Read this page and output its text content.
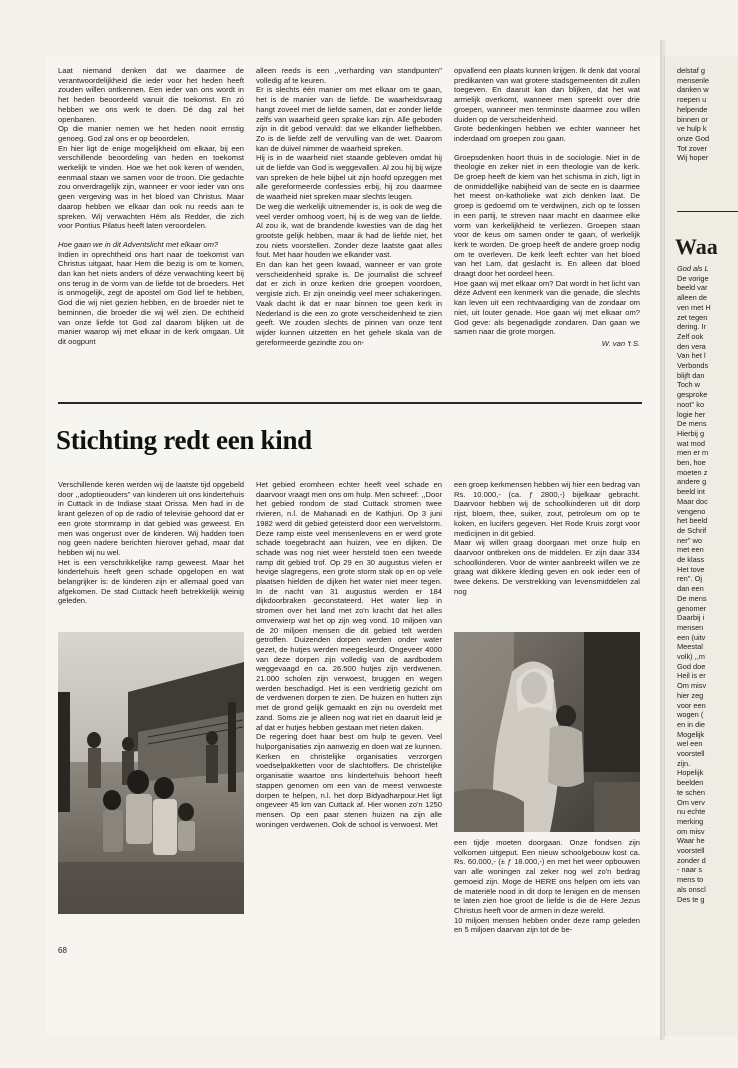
Laat niemand denken dat we daarmee de verantwoordelijkheid die ieder voor het heden heeft zouden willen ontkennen. Een ieder van ons wordt in het heden beoordeeld vanuit die toekomst. En zó hebben we ons werk te doen. Dé dag zal het openbaren.

Op die manier nemen we het heden nooit ernstig genoeg. God zal ons er op beoordelen.

En hier ligt de enige mogelijkheid om elkaar, bij een verschillende beoordeling van heden en toekomst werkelijk te vinden. Hoe we het ook keren of wenden, eenmaal staan we samen voor de troon. Die gedachte zou onverdragelijk zijn, wanneer er voor ieder van ons geen vergeving was in het bloed van Christus. Maar daarop hebben we elkaar dan ook nu reeds aan te spreken. Wij verwachten Hém als Redder, die zich voor Pontius Pilatus heeft laten veroordelen.

Hoe gaan we in dit Adventslicht met elkaar om?

Indien in oprechtheid ons hart naar de toekomst van Christus uitgaat, haar Hem die bezig is om te komen, dan kan het niets anders of déze verwachting keert bij ons terug in de vorm van de liefde tot de broeders. Het is onmogelijk, zegt de apostel om God lief te hebben, God die wij niet gezien hebben, en de broeder niet te beminnen, die broeder die wij wél zien. De echtheid van onze liefde tot God zal daarom blijken uit de manier waarop wij met elkaar in de kerk omgaan. Uit dit oogpunt

alleen reeds is een ,,verharding van standpunten'' volledig af te keuren.

Er is slechts één manier om met elkaar om te gaan, het is de manier van de liefde. De waarheidsvraag hangt zoveel met de liefde samen, dat er zonder liefde zelfs van waarheid geen sprake kan zijn. Alle geboden zijn in dit gebod vervuld: dat we elkander liefhebben. Zo is de liefde zelf de vervulling van de wet. Daarom kan de duivel nimmer de waarheid spreken.

Hij is in de waarheid niet staande gebleven omdat hij uit de liefde van God is weggevallen. Al zou hij bij wijze van spreken de hele bijbel uit zijn hoofd opzeggen met alle gereformeerde confessies erbij, hij zou daarmee de waarheid niet spreken maar slechts leugen.

De weg die werkelijk uitnemender is, is ook de weg die veel verder omhoog voert, hij is de weg van de liefde. Al zou ik, wat de brandende kwesties van de dag het grootste gelijk hebben, maar ik had de liefde niet, het zou niets voorstellen. Zonder deze laatste gaat alles fout. Met haar houden we elkander vast.

En dan kan het geen kwaad, wanneer er van grote verscheidenheid sprake is. De journalist die schreef dat er zich in onze kerken drie groepen voordoen, vergiste zich. Er zijn oneindig veel meer schakeringen. Vaak dacht ik dat er naar binnen toe geen kerk in Nederland is die een zo grote verscheidenheid te zien geeft. We zouden slechts de pinnen van onze tent wijder kunnen uitzetten en het gehele skala van de gereformeerde gezindte zou on-

opvallend een plaats kunnen krijgen. Ik denk dat vooral predikanten van wat grotere stadsgemeenten dit zullen toegeven. En daaruit kan dan blijken, dat het wat armelijk overkomt, wanneer men spreekt over drie groepen, wanneer men tenminste daarmee zou willen duiden op de verscheidenheid.

Grote bedenkingen hebben we echter wanneer het inderdaad om groepen zou gaan.

Groepsdenken hoort thuis in de sociologie. Niet in de theologie en zeker niet in een theologie van de kerk. De groep heeft de kiem van het schisma in zich, ligt in de onmiddellijke nabijheid van de secte en is daarmee het meest on-katholieke wat zich denken laat. De groep is gedoemd om te verdwijnen, zich op te lossen in een partij, te streven naar macht en daarmee elke vorm van kerkelijkheid te verliezen. Groepen staan voor de keus om samen onder te gaan, of werkelijk kerk te worden. De groep heeft de andere groep nodig om te overleven. De kerk leeft echter van het bloed van het Lam, dat geslacht is. En alleen dat bloed draagt door het oordeel heen.

Hoe gaan wij met elkaar om? Dat wordt in het licht van déze Advent een kenmerk van die genade, die slechts kan leven uit een rechtvaardiging van de zondaar om niet, uit louter genade. Hoe gaan wij met elkaar om? God geve: als begenadigde zondaren. Dan gaan we samen naar die grote morgen.

W. van 't S.
Stichting redt een kind

Verschillende keren werden wij de laatste tijd opgebeld door ,,adoptieouders'' van kinderen uit ons kindertehuis in Cuttack in de Indiase staat Orissa. Men had in de krant gelezen of op de radio of televisie gehoord dat er een grote stormramp in dat gebied was geweest. En men was ongerust over de kinderen. Wij hadden toen nog geen nadere berichten hierover gehad, maar dat hebben wij nu wel.

Het is een verschrikkelijke ramp geweest. Maar het kindertehuis heeft geen schade opgelopen en wat belangrijker is: de kinderen zijn er allemaal goed van afgekomen. De stad Cuttack heeft betrekkelijk weinig geleden.

Het gebied eromheen echter heeft veel schade en daarvoor vraagt men ons om hulp. Men schreef: ,,Door het gebied rondom de stad Cuttack stromen twee rivieren, n.l. de Mahanadi en de Kathjuri. Op 3 juni 1982 werd dit gebied geteisterd door een wervelstorm. Deze ramp eiste veel mensenlevens en er werd grote schade toegebracht aan huizen, vee en dijken. De schade was nog niet weer hersteld toen een tweede ramp dit gebied trof. Op 29 en 30 augustus vielen er hevige slagregens, een grote storm stak op en op vele plaatsen hielden de dijken het water niet meer tegen. In de nacht van 31 augustus werden er 184 dijkdoorbraken geconstateerd. Het water liep in stromen over het land met zo'n kracht dat het alles omverwierp wat het op zijn weg vond. 10 miljoen van de 20 miljoen mensen die dit gebied telt werden getroffen. Duizenden dorpen werden onder water gezet, de hutjes werden meegesleurd. Ongeveer 4000 van deze dorpen zijn volledig van de aardbodem weggevaagd en ca. 26.500 hutjes zijn verdwenen. 21.000 scholen zijn verwoest, bruggen en wegen werden beschadigd. Het is een verdrietig gezicht om de verdwenen dorpen te zien. De huizen en hutten zijn met de grond gelijk gemaakt en zijn nu overdekt met zand. Soms zie je alleen nog wat riet en daaruit leid je af dat er hutjes hebben gestaan met rieten daken.

De regering doet haar best om hulp te geven. Veel hulporganisaties zijn aanwezig en doen wat ze kunnen. Kerken en christelijke organisaties verzorgen voedselpakketten voor de slachtoffers. De christelijke organisatie waartoe ons kindertehuis behoort heeft stappen genomen om een van de meest verwoeste dorpen te helpen, n.l. het dorp Bidyadharpour.Het ligt ongeveer 45 km van Cuttack af. Hier wonen zo'n 1250 mensen. Op een paar stenen huizen na zijn alle woningen verdwenen. Ook de school is verwoest. Met

een groep kerkmensen hebben wij hier een bedrag van Rs. 10.000,- (ca. ƒ 2800,-) bijelkaar gebracht. Daarvoor hebben wij de schoolkinderen uit dit dorp rijst, bloem, thee, suiker, zout, petroleum om op te koken, en lucifers gegeven. Het Rode Kruis zorgt voor medicijnen in dit gebied.

Maar wij willen graag doorgaan met onze hulp en daarvoor ontbreken ons de middelen. Er zijn daar 334 schoolkinderen. Voor de winter aanbreekt willen we ze graag wat dikkere kleding geven en ook ieder een of twee dekens. De verstrekking van levensmiddelen zal nog

een tijdje moeten doorgaan. Onze fondsen zijn volkomen uitgeput. Een nieuw schoolgebouw kost ca. Rs. 60.000,- (± ƒ 18.000,-) en met het weer opbouwen van alle woningen zal zeker nog wel zo'n bedrag gemoeid zijn. Moge de HERE ons helpen om iets van de materiële nood in dit dorp te lenigen en de mensen te laten zien hoe groot de liefde is die de Here Jezus Christus heeft voor de armen in deze wereld.

10 miljoen mensen hebben onder deze ramp geleden en 5 miljoen daarvan zijn tot de be-

68
delstaf g
mensenle
danken w
roepen u
helpende
binnen or
ve hulp k
onze God
Tot zover
Wij hoper
Waa
God als L
De vorige
beeld var
alleen de
ven met H
zet tegen
dering. Ir
Zelf ook
den vera
Van het l
Verbonds
blijft dan
Toch w
gesproke
noot'' ko
logie her
De mens
Hierbij g
wat mod
men er m
ben, hoe
moeten z
andere g
beeld int
Maar doc
vengeno
het beeld
de Schrif
ner'' wo
met een
de klass
Het tove
ren''. Oj
dan een
De mens
genomer
Daarbij i
mensen
een (uitv
Meestal
volk) ,,m
God doe
Heil is er
Om misv
hier zeg
voor een
wogen (
en in die
Mogelijk
wel een
voorstell
zijn.
Hopelijk
beelden
te schen
Om verv
nu echte
merking
om misv
Waar he
voorstell
zonder d
- naar s
mens to
als onscl
Des te g
